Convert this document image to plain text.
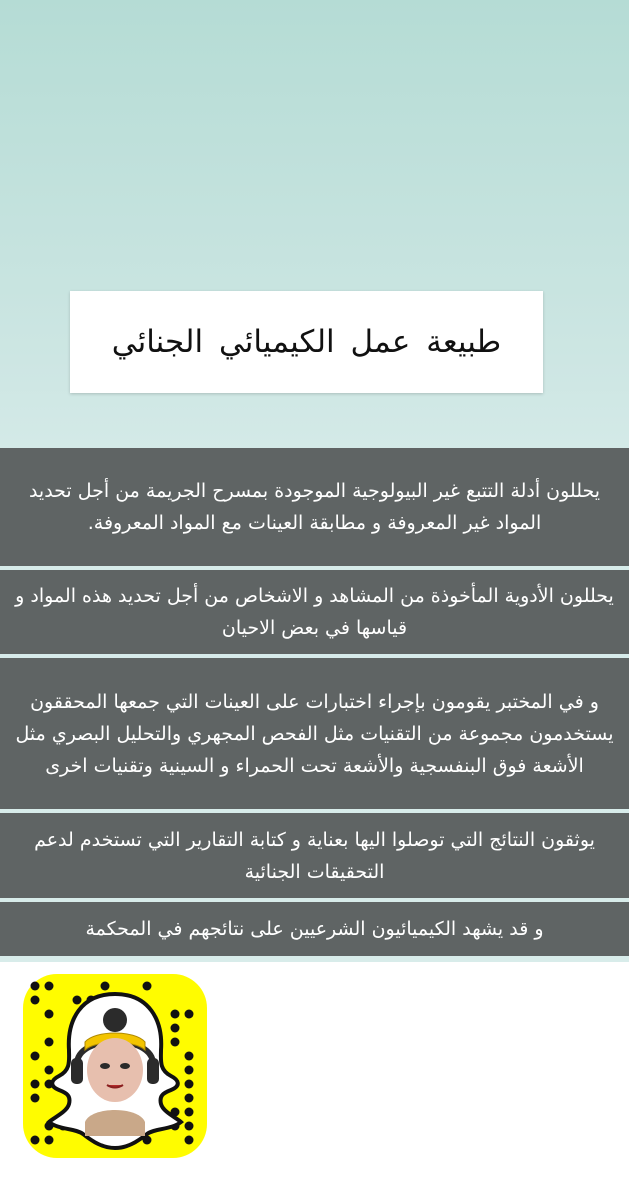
طبيعة عمل الكيميائي الجنائي
يحللون أدلة التتبع غير البيولوجية الموجودة بمسرح الجريمة من أجل تحديد المواد غير المعروفة و مطابقة العينات مع المواد المعروفة.
يحللون الأدوية المأخوذة من المشاهد و الاشخاص من أجل تحديد هذه المواد و قياسها في بعض الاحيان
و في المختبر يقومون بإجراء اختبارات على العينات التي جمعها المحققون يستخدمون مجموعة من التقنيات مثل الفحص المجهري والتحليل البصري مثل الأشعة فوق البنفسجية والأشعة تحت الحمراء و السينية وتقنيات اخرى
يوثقون النتائج التي توصلوا اليها بعناية و كتابة التقارير التي تستخدم لدعم التحقيقات الجنائية
و قد يشهد الكيميائيون الشرعيين على نتائجهم في المحكمة
